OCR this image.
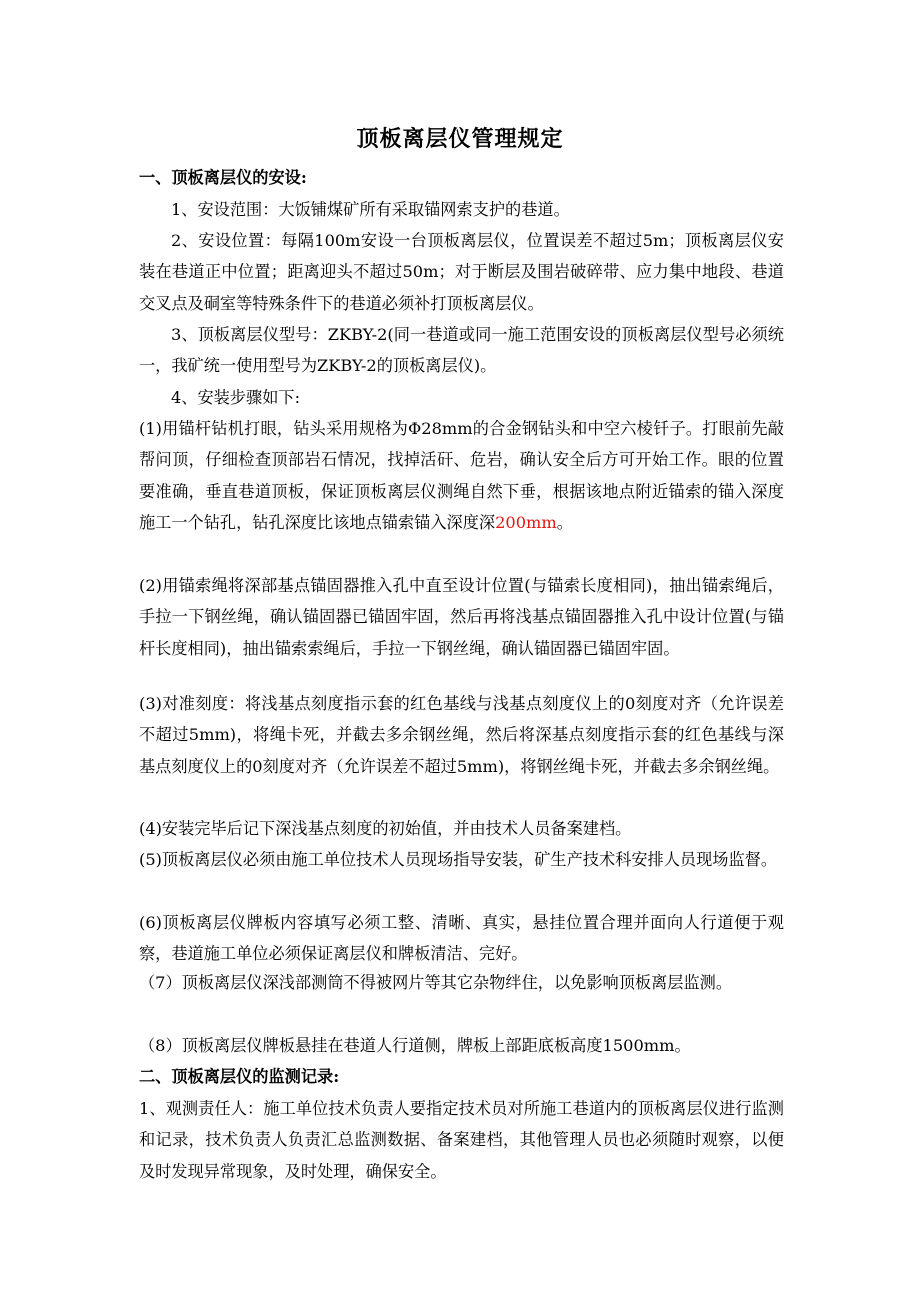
顶板离层仪管理规定

一、顶板离层仪的安设:

1、安设范围：大饭铺煤矿所有采取锚网索支护的巷道。

2、安设位置：每隔100m安设一台顶板离层仪，位置误差不超过5m；顶板离层仪安装在巷道正中位置；距离迎头不超过50m；对于断层及围岩破碎带、应力集中地段、巷道交叉点及硐室等特殊条件下的巷道必须补打顶板离层仪。

3、顶板离层仪型号：ZKBY-2(同一巷道或同一施工范围安设的顶板离层仪型号必须统一，我矿统一使用型号为ZKBY-2的顶板离层仪)。

4、安装步骤如下:

(1)用锚杆钻机打眼，钻头采用规格为Φ28mm的合金钢钻头和中空六棱钎子。打眼前先敲帮问顶，仔细检查顶部岩石情况，找掉活矸、危岩，确认安全后方可开始工作。眼的位置要准确，垂直巷道顶板，保证顶板离层仪测绳自然下垂，根据该地点附近锚索的锚入深度施工一个钻孔，钻孔深度比该地点锚索锚入深度深200mm。

(2)用锚索绳将深部基点锚固器推入孔中直至设计位置(与锚索长度相同)，抽出锚索绳后，手拉一下钢丝绳，确认锚固器已锚固牢固，然后再将浅基点锚固器推入孔中设计位置(与锚杆长度相同)，抽出锚索索绳后，手拉一下钢丝绳，确认锚固器已锚固牢固。

(3)对准刻度：将浅基点刻度指示套的红色基线与浅基点刻度仪上的0刻度对齐（允许误差不超过5mm)，将绳卡死，并截去多余钢丝绳，然后将深基点刻度指示套的红色基线与深基点刻度仪上的0刻度对齐（允许误差不超过5mm)，将钢丝绳卡死，并截去多余钢丝绳。

(4)安装完毕后记下深浅基点刻度的初始值，并由技术人员备案建档。

(5)顶板离层仪必须由施工单位技术人员现场指导安装，矿生产技术科安排人员现场监督。

(6)顶板离层仪牌板内容填写必须工整、清晰、真实，悬挂位置合理并面向人行道便于观察，巷道施工单位必须保证离层仪和牌板清洁、完好。

（7）顶板离层仪深浅部测筒不得被网片等其它杂物绊住，以免影响顶板离层监测。

（8）顶板离层仪牌板悬挂在巷道人行道侧，牌板上部距底板高度1500mm。

二、顶板离层仪的监测记录:

1、观测责任人：施工单位技术负责人要指定技术员对所施工巷道内的顶板离层仪进行监测和记录，技术负责人负责汇总监测数据、备案建档，其他管理人员也必须随时观察，以便及时发现异常现象，及时处理，确保安全。
